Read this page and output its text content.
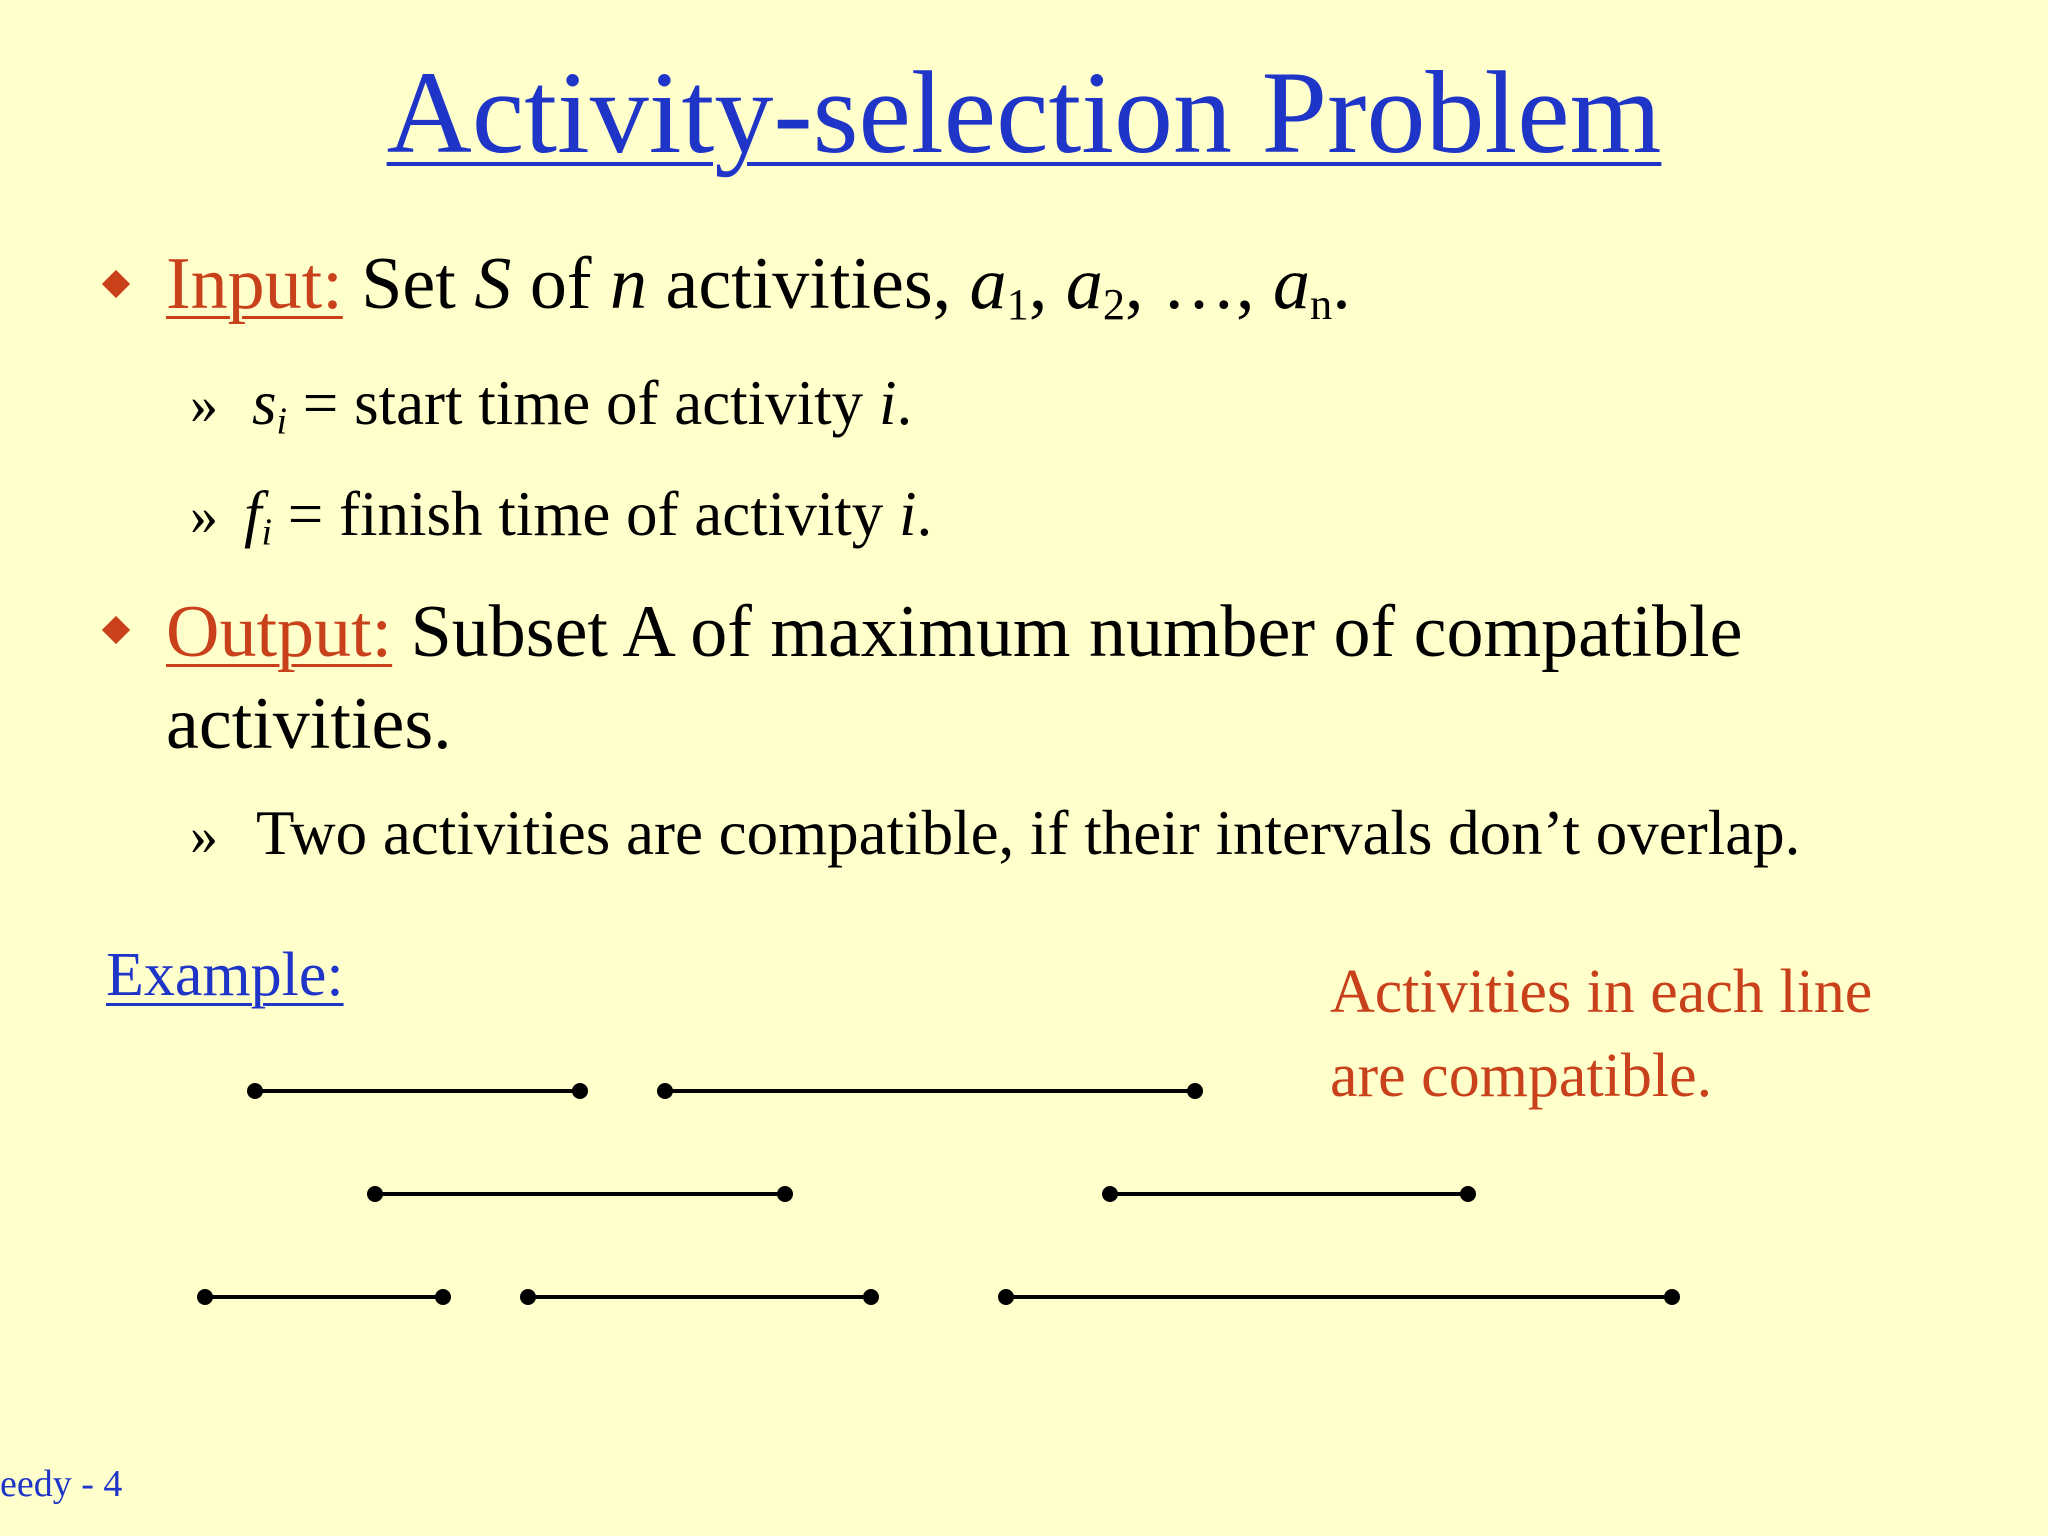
Activity-selection Problem
Input: Set S of n activities, $a_1$, $a_2$, …, $a_n$.
» $s_i$ = start time of activity i.
» $f_i$ = finish time of activity i.
Output: Subset A of maximum number of compatible
activities.
» Two activities are compatible, if their intervals don’t overlap.
Example:	Activities in each line
are compatible.
eedy - 4
